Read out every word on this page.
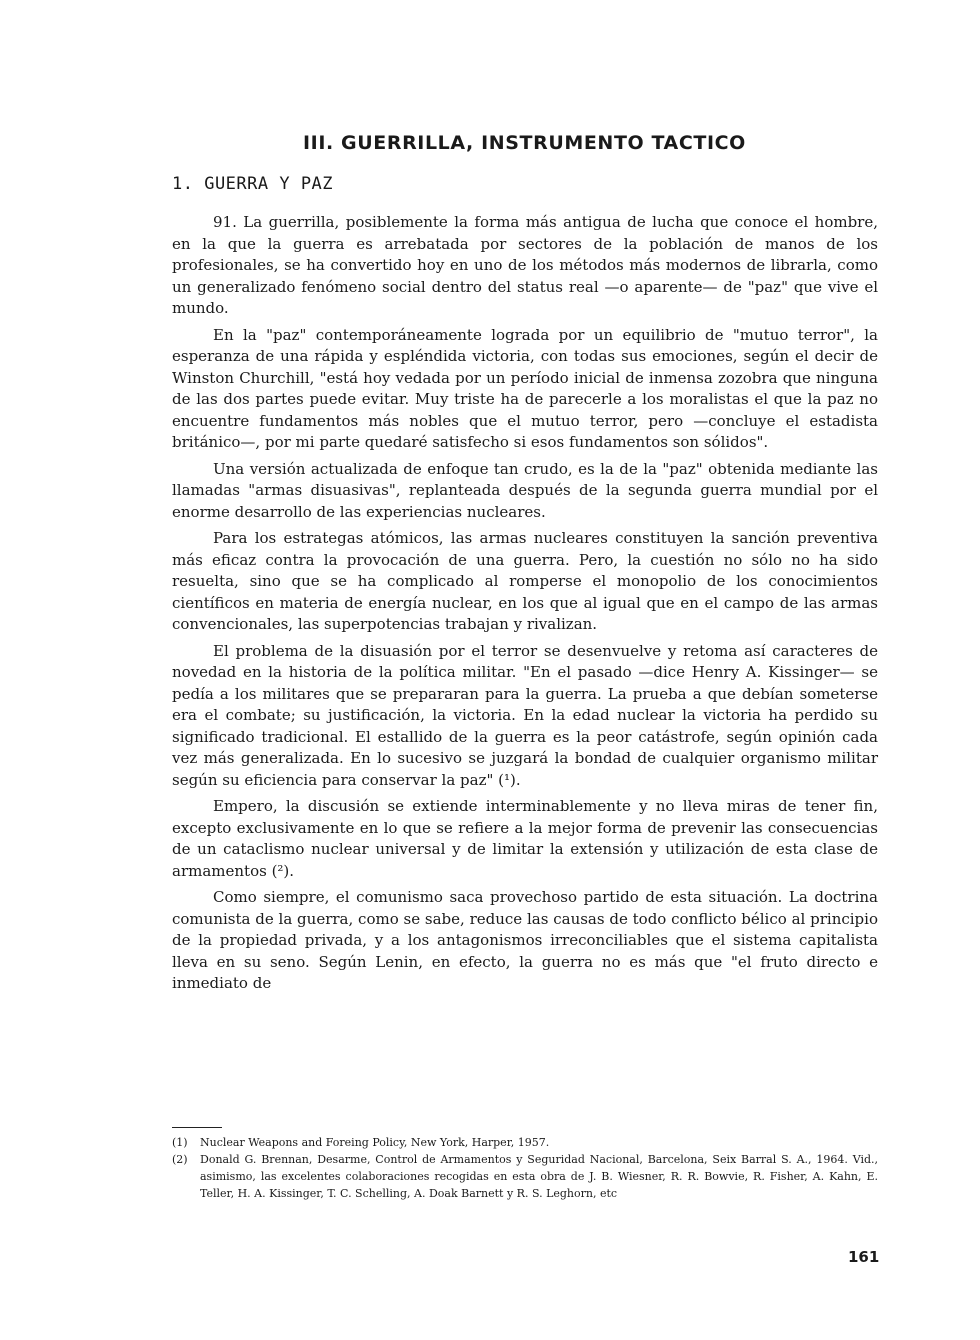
III. GUERRILLA, INSTRUMENTO TACTICO
1. GUERRA Y PAZ

91. La guerrilla, posiblemente la forma más antigua de lucha que conoce el hombre, en la que la guerra es arrebatada por sectores de la población de manos de los profesionales, se ha convertido hoy en uno de los métodos más modernos de librarla, como un generalizado fenómeno social dentro del status real —o aparente— de "paz" que vive el mundo.

En la "paz" contemporáneamente lograda por un equilibrio de "mutuo terror", la esperanza de una rápida y espléndida victoria, con todas sus emociones, según el decir de Winston Churchill, "está hoy vedada por un período inicial de inmensa zozobra que ninguna de las dos partes puede evitar. Muy triste ha de parecerle a los moralistas el que la paz no encuentre fundamentos más nobles que el mutuo terror, pero —concluye el estadista británico—, por mi parte quedaré satisfecho si esos fundamentos son sólidos".

Una versión actualizada de enfoque tan crudo, es la de la "paz" obtenida mediante las llamadas "armas disuasivas", replanteada después de la segunda guerra mundial por el enorme desarrollo de las experiencias nucleares.

Para los estrategas atómicos, las armas nucleares constituyen la sanción preventiva más eficaz contra la provocación de una guerra. Pero, la cuestión no sólo no ha sido resuelta, sino que se ha complicado al romperse el monopolio de los conocimientos científicos en materia de energía nuclear, en los que al igual que en el campo de las armas convencionales, las superpotencias trabajan y rivalizan.

El problema de la disuasión por el terror se desenvuelve y retoma así caracteres de novedad en la historia de la política militar. "En el pasado —dice Henry A. Kissinger— se pedía a los militares que se prepararan para la guerra. La prueba a que debían someterse era el combate; su justificación, la victoria. En la edad nuclear la victoria ha perdido su significado tradicional. El estallido de la guerra es la peor catástrofe, según opinión cada vez más generalizada. En lo sucesivo se juzgará la bondad de cualquier organismo militar según su eficiencia para conservar la paz" (¹).

Empero, la discusión se extiende interminablemente y no lleva miras de tener fin, excepto exclusivamente en lo que se refiere a la mejor forma de prevenir las consecuencias de un cataclismo nuclear universal y de limitar la extensión y utilización de esta clase de armamentos (²).

Como siempre, el comunismo saca provechoso partido de esta situación. La doctrina comunista de la guerra, como se sabe, reduce las causas de todo conflicto bélico al principio de la propiedad privada, y a los antagonismos irreconciliables que el sistema capitalista lleva en su seno. Según Lenin, en efecto, la guerra no es más que "el fruto directo e inmediato de

(1)	Nuclear Weapons and Foreing Policy, New York, Harper, 1957.
(2)	Donald G. Brennan, Desarme, Control de Armamentos y Seguridad Nacional, Barcelona, Seix Barral S. A., 1964. Vid., asimismo, las excelentes colaboraciones recogidas en esta obra de J. B. Wiesner, R. R. Bowvie, R. Fisher, A. Kahn, E. Teller, H. A. Kissinger, T. C. Schelling, A. Doak Barnett y R. S. Leghorn, etc
161
